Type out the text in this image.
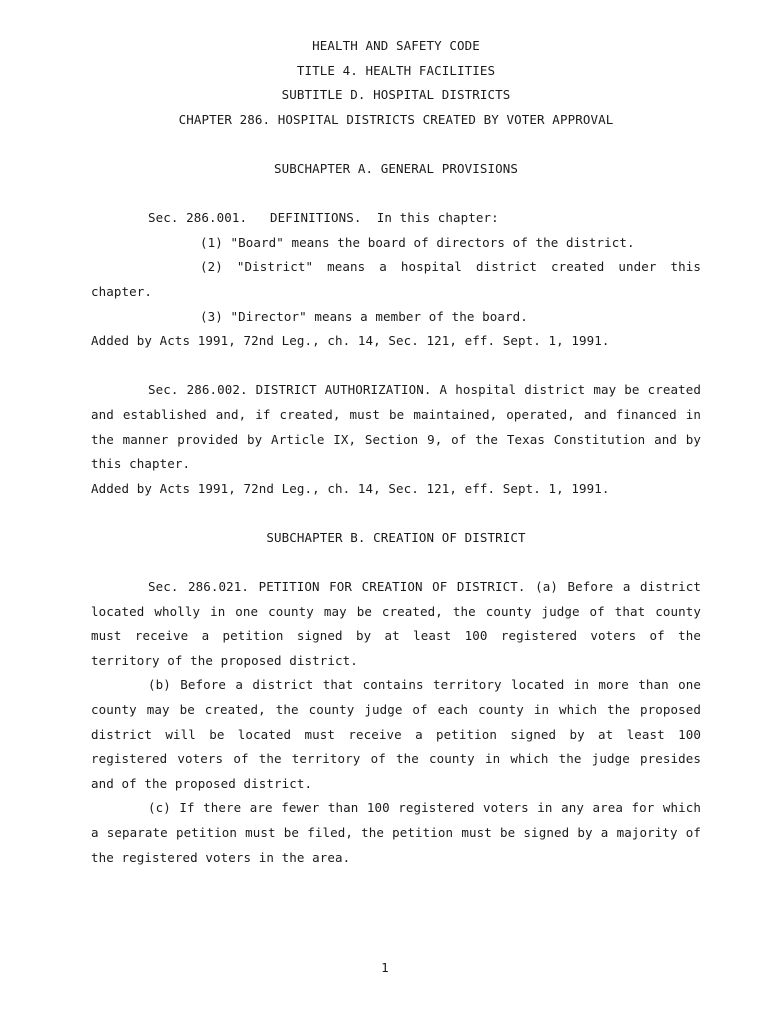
HEALTH AND SAFETY CODE
TITLE 4. HEALTH FACILITIES
SUBTITLE D. HOSPITAL DISTRICTS
CHAPTER 286. HOSPITAL DISTRICTS CREATED BY VOTER APPROVAL
SUBCHAPTER A. GENERAL PROVISIONS
Sec. 286.001.   DEFINITIONS.  In this chapter:
(1) "Board" means the board of directors of the district.
(2) "District" means a hospital district created under this chapter.
(3) "Director" means a member of the board.
Added by Acts 1991, 72nd Leg., ch. 14, Sec. 121, eff. Sept. 1, 1991.
Sec. 286.002. DISTRICT AUTHORIZATION. A hospital district may be created and established and, if created, must be maintained, operated, and financed in the manner provided by Article IX, Section 9, of the Texas Constitution and by this chapter.
Added by Acts 1991, 72nd Leg., ch. 14, Sec. 121, eff. Sept. 1, 1991.
SUBCHAPTER B. CREATION OF DISTRICT
Sec. 286.021. PETITION FOR CREATION OF DISTRICT. (a) Before a district located wholly in one county may be created, the county judge of that county must receive a petition signed by at least 100 registered voters of the territory of the proposed district.
(b) Before a district that contains territory located in more than one county may be created, the county judge of each county in which the proposed district will be located must receive a petition signed by at least 100 registered voters of the territory of the county in which the judge presides and of the proposed district.
(c) If there are fewer than 100 registered voters in any area for which a separate petition must be filed, the petition must be signed by a majority of the registered voters in the area.
1
